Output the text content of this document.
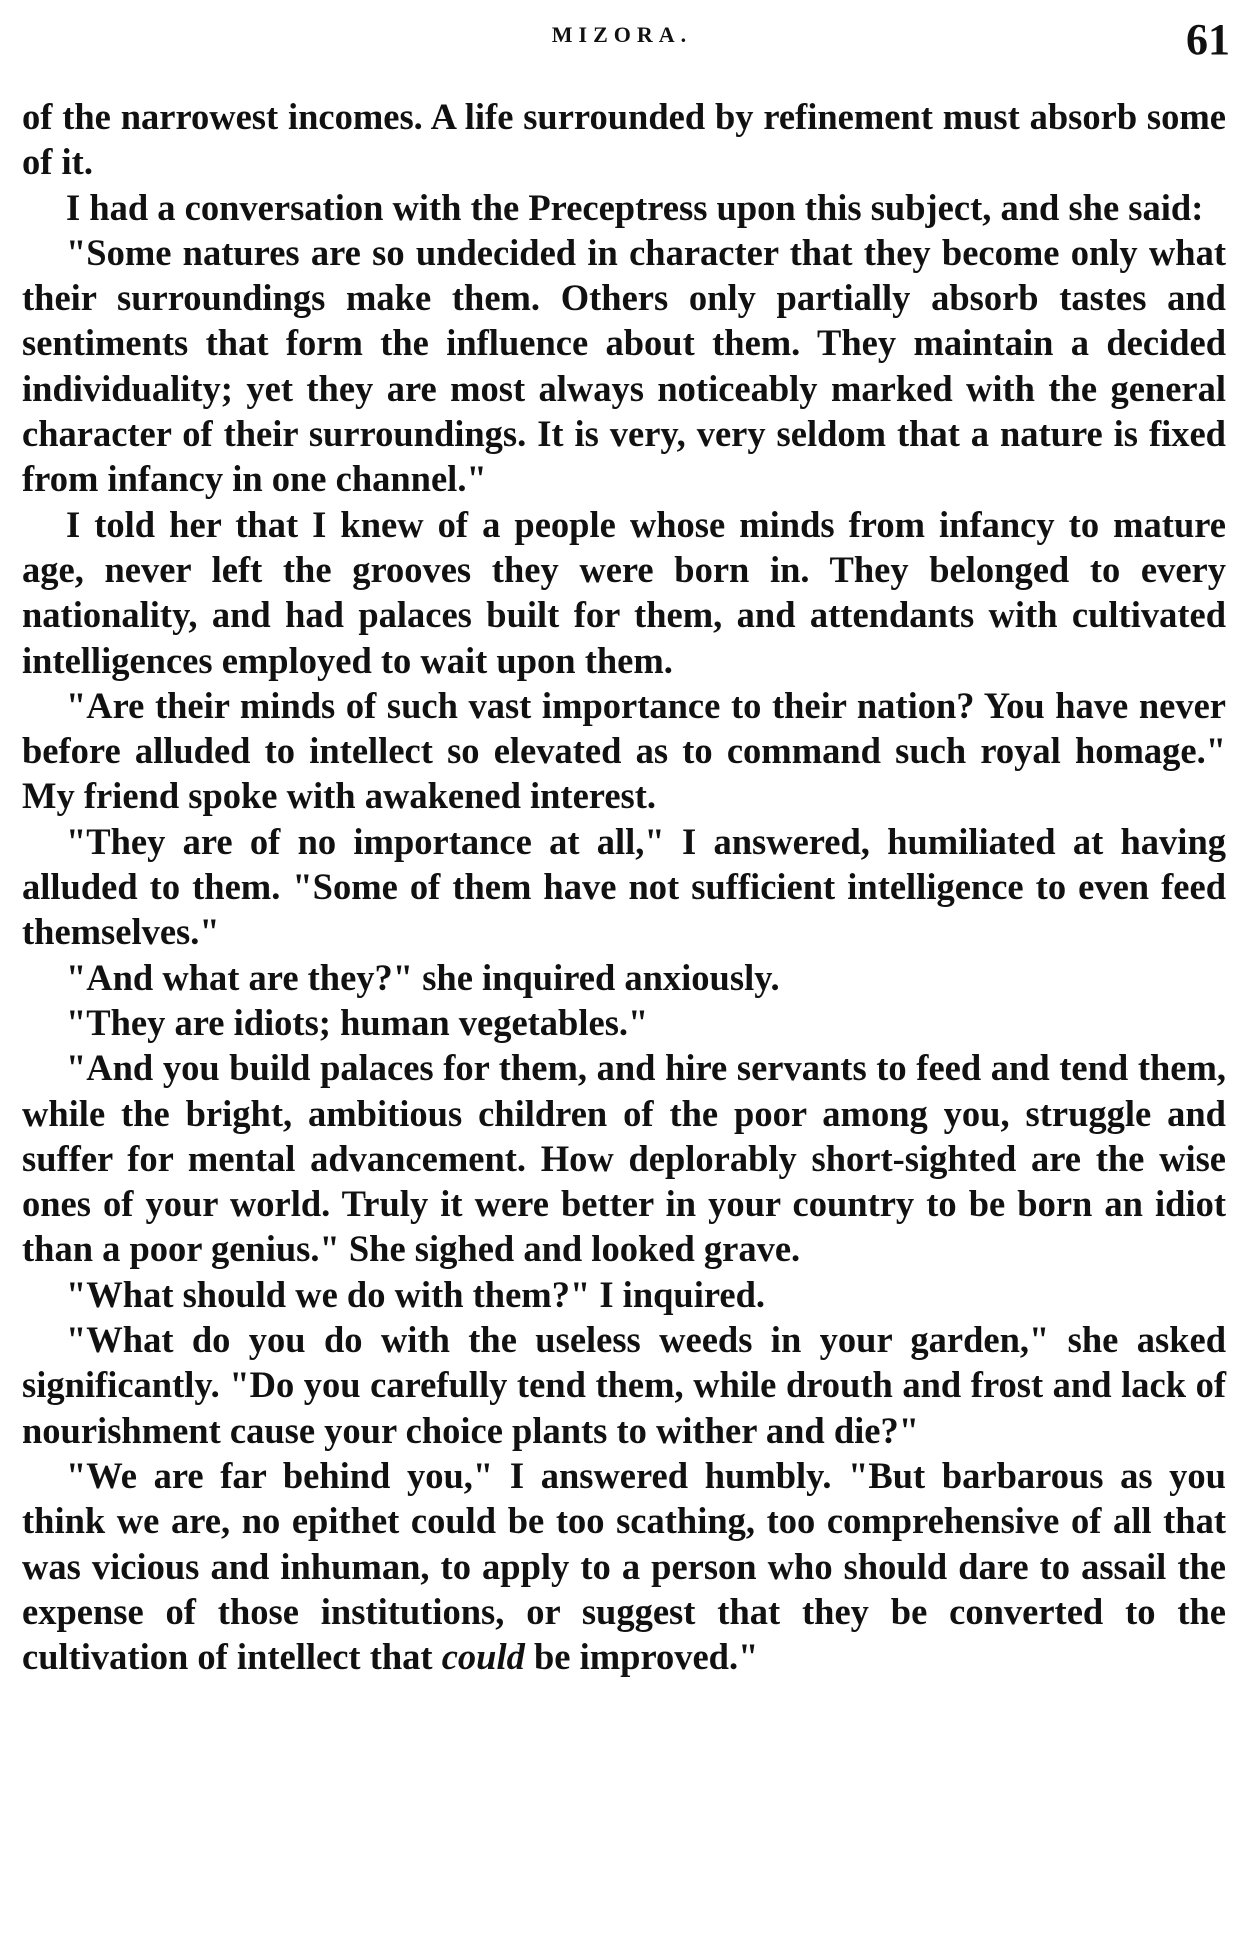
MIZORA.	61

of the narrowest incomes. A life surrounded by refinement must absorb some of it.

I had a conversation with the Preceptress upon this subject, and she said:

"Some natures are so undecided in character that they become only what their surroundings make them. Others only partially absorb tastes and sentiments that form the influence about them. They maintain a decided individuality; yet they are most always noticeably marked with the general character of their surroundings. It is very, very seldom that a nature is fixed from infancy in one channel."

I told her that I knew of a people whose minds from infancy to mature age, never left the grooves they were born in. They belonged to every nationality, and had palaces built for them, and attendants with cultivated intelligences employed to wait upon them.

"Are their minds of such vast importance to their nation? You have never before alluded to intellect so elevated as to command such royal homage." My friend spoke with awakened interest.

"They are of no importance at all," I answered, humiliated at having alluded to them. "Some of them have not sufficient intelligence to even feed themselves."

"And what are they?" she inquired anxiously.

"They are idiots; human vegetables."

"And you build palaces for them, and hire servants to feed and tend them, while the bright, ambitious children of the poor among you, struggle and suffer for mental advancement. How deplorably short-sighted are the wise ones of your world. Truly it were better in your country to be born an idiot than a poor genius." She sighed and looked grave.

"What should we do with them?" I inquired.

"What do you do with the useless weeds in your garden," she asked significantly. "Do you carefully tend them, while drouth and frost and lack of nourishment cause your choice plants to wither and die?"

"We are far behind you," I answered humbly. "But barbarous as you think we are, no epithet could be too scathing, too comprehensive of all that was vicious and inhuman, to apply to a person who should dare to assail the expense of those institutions, or suggest that they be converted to the cultivation of intellect that could be improved."
